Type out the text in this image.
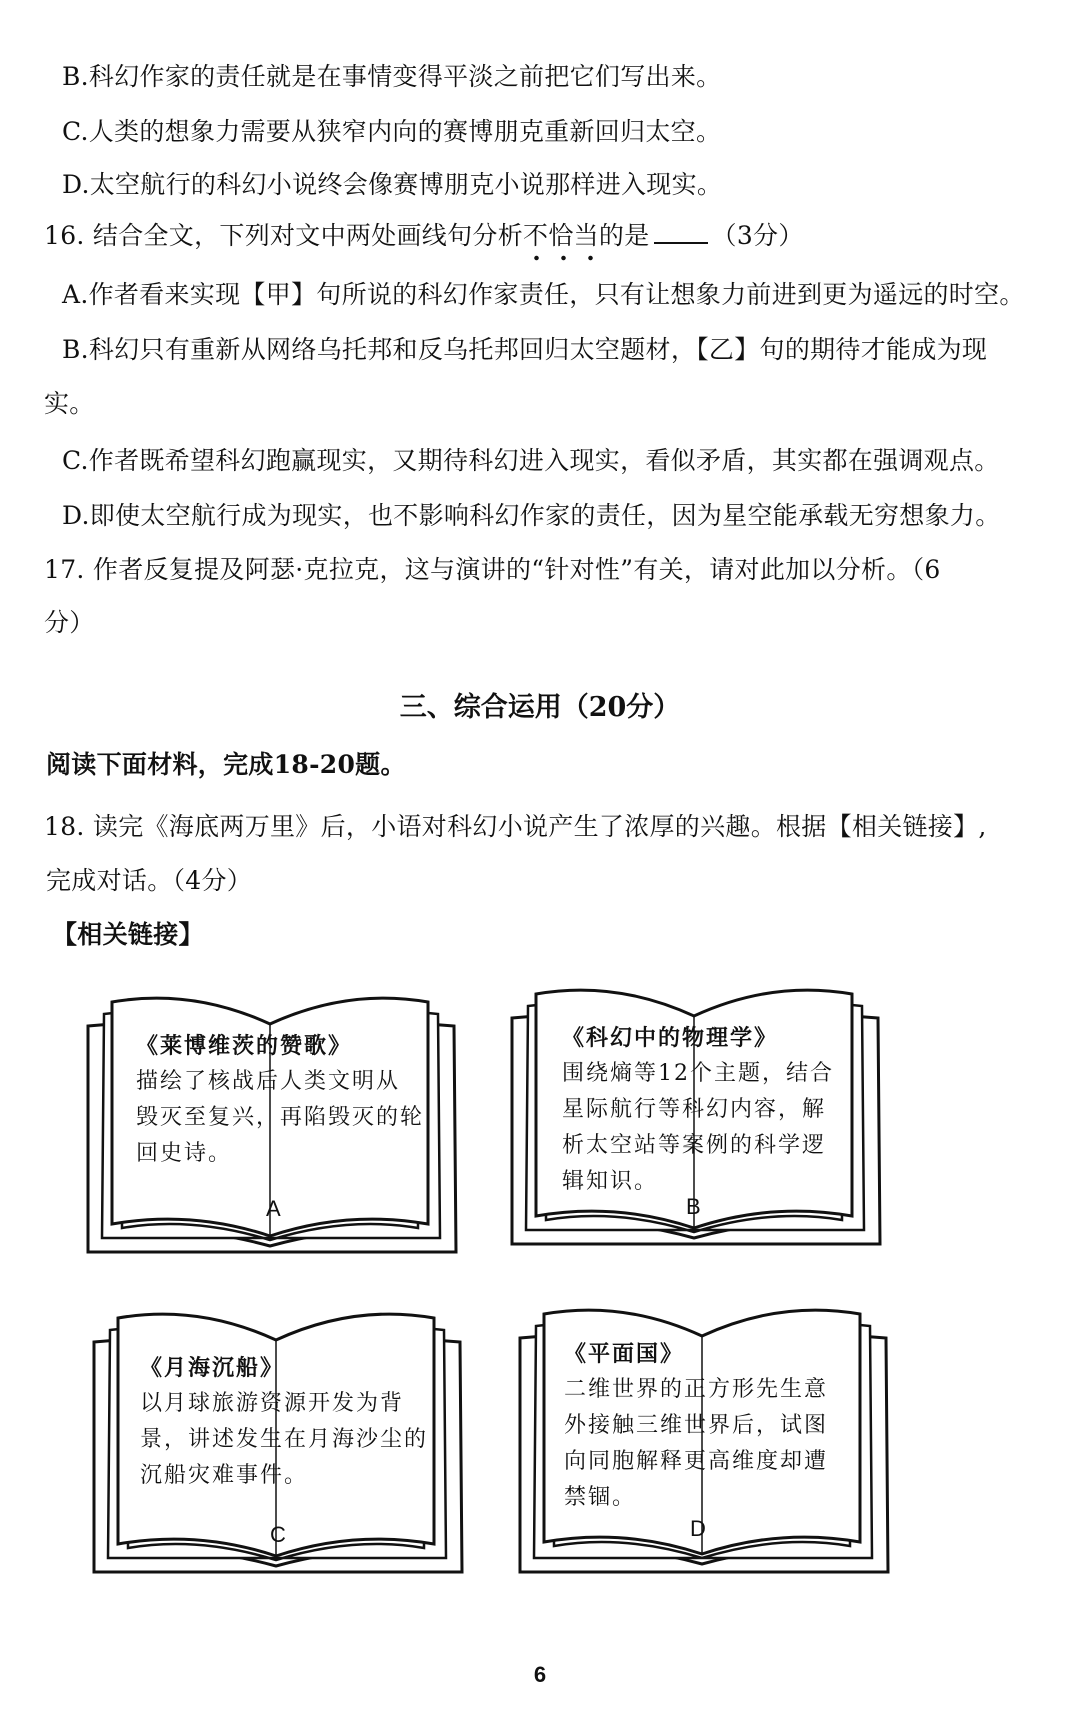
B.科幻作家的责任就是在事情变得平淡之前把它们写出来。
C.人类的想象力需要从狭窄内向的赛博朋克重新回归太空。
D.太空航行的科幻小说终会像赛博朋克小说那样进入现实。
16. 结合全文，下列对文中两处画线句分析不恰当的是 （3分）
A.作者看来实现【甲】句所说的科幻作家责任，只有让想象力前进到更为遥远的时空。
B.科幻只有重新从网络乌托邦和反乌托邦回归太空题材，【乙】句的期待才能成为现
实。
C.作者既希望科幻跑赢现实，又期待科幻进入现实，看似矛盾，其实都在强调观点。
D.即使太空航行成为现实，也不影响科幻作家的责任，因为星空能承载无穷想象力。
17. 作者反复提及阿瑟·克拉克，这与演讲的“针对性”有关，请对此加以分析。（6
分）
三、综合运用（20分）
阅读下面材料，完成18-20题。
18. 读完《海底两万里》后，小语对科幻小说产生了浓厚的兴趣。根据【相关链接】,
完成对话。（4分）
【相关链接】
《莱博维茨的赞歌》
描绘了核战后人类文明从
毁灭至复兴，再陷毁灭的轮
回史诗。
A
《科幻中的物理学》
围绕熵等12个主题，结合
星际航行等科幻内容，解
析太空站等案例的科学逻
辑知识。
B
《月海沉船》
以月球旅游资源开发为背
景，讲述发生在月海沙尘的
沉船灾难事件。
C
《平面国》
二维世界的正方形先生意
外接触三维世界后，试图
向同胞解释更高维度却遭
禁锢。
D
6
